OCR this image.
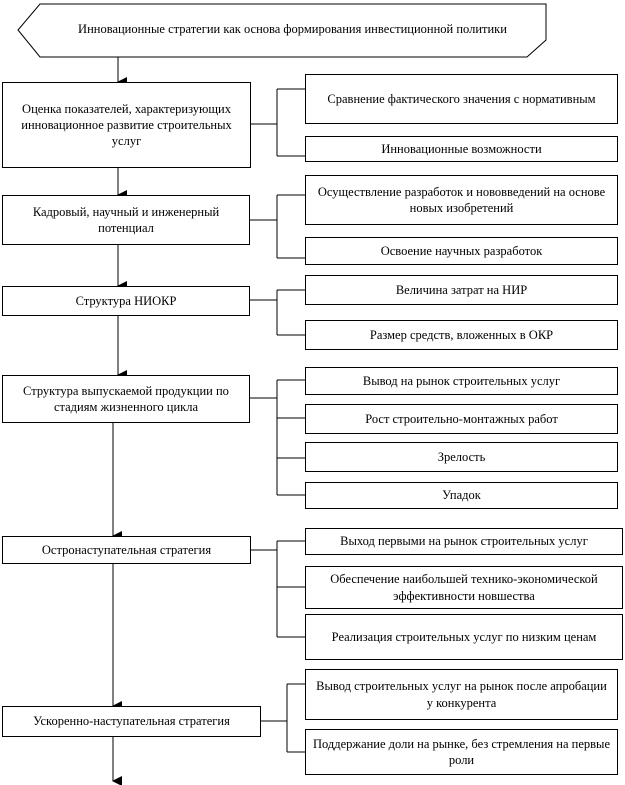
Инновационные стратегии как основа формирования инвестиционной политики
Оценка показателей, характеризующих инновационное развитие строительных услуг
Кадровый, научный и инженерный потенциал
Структура НИОКР
Структура выпускаемой продукции по стадиям жизненного цикла
Остронаступательная стратегия
Ускоренно-наступательная стратегия
Сравнение фактического значения с нормативным
Инновационные возможности
Осуществление разработок и нововведений на основе новых изобретений
Освоение научных разработок
Величина затрат на НИР
Размер средств, вложенных в ОКР
Вывод на рынок строительных услуг
Рост строительно-монтажных работ
Зрелость
Упадок
Выход первыми на рынок строительных услуг
Обеспечение наибольшей технико-экономической эффективности новшества
Реализация строительных услуг по низким ценам
Вывод строительных услуг на рынок после апробации у конкурента
Поддержание доли на рынке, без стремления на первые роли
